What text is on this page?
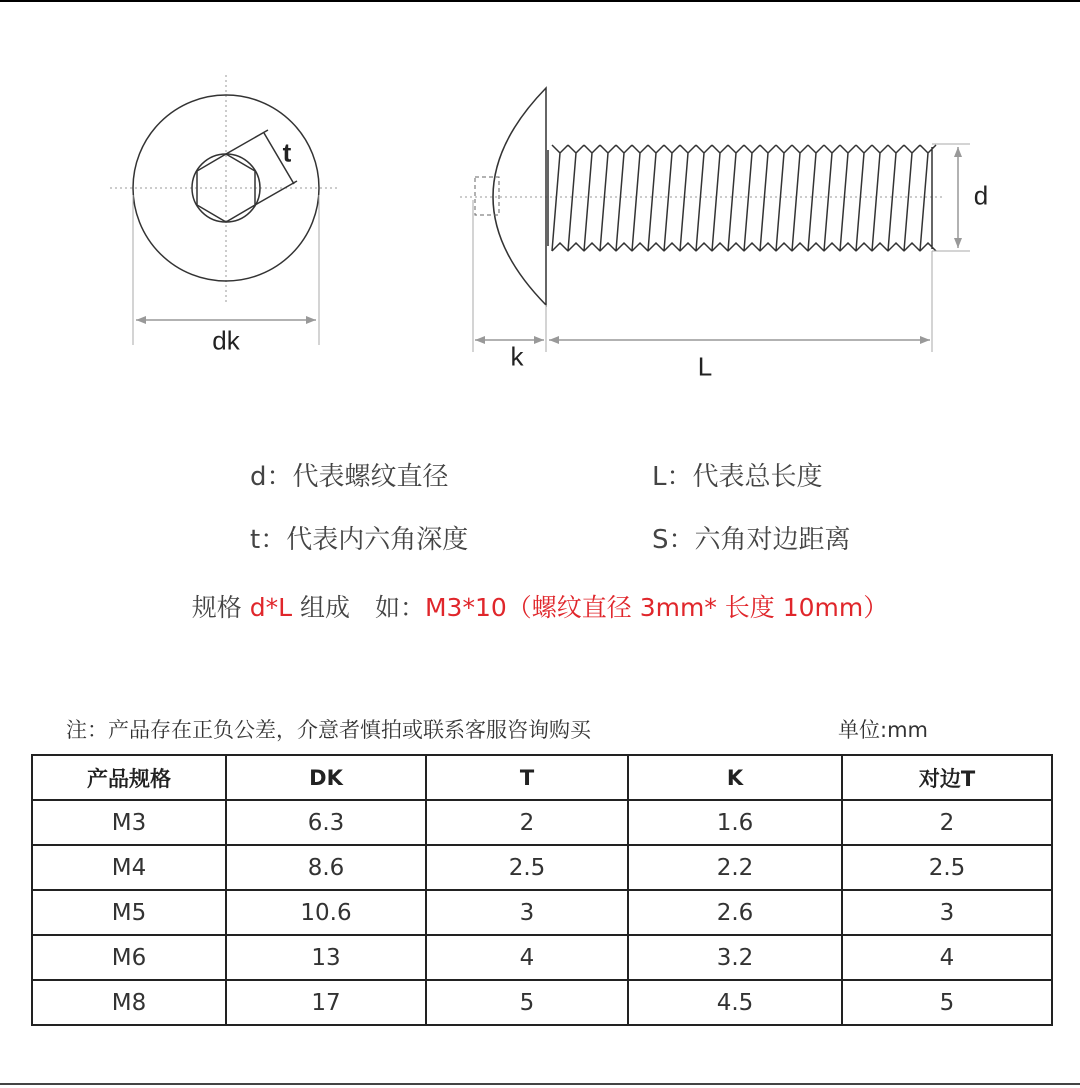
t
dk
d
k	L
d：代表螺纹直径	L：代表总长度
t：代表内六角深度	S：六角对边距离
规格 d*L 组成　如：M3*10（螺纹直径 3mm* 长度 10mm）
注：产品存在正负公差，介意者慎拍或联系客服咨询购买	单位:mm
产品规格	DK	T	K	对边T
M3	6.3	2	1.6	2
M4	8.6	2.5	2.2	2.5
M5	10.6	3	2.6	3
M6	13	4	3.2	4
M8	17	5	4.5	5
